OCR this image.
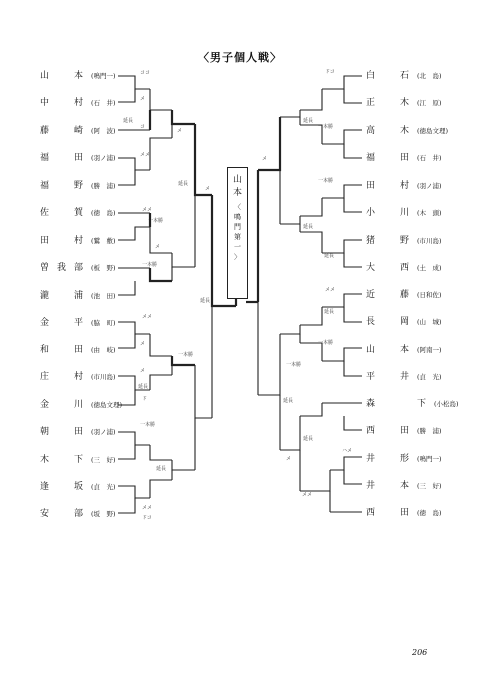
〈男子個人戦〉
ココ
メ
延長
コ
メメ
メ
延長
メ
メメ
一本勝
メ
一本勝
延長
メメ
メ
一本勝
メ
延長
ド
一本勝
延長
メメ
ドコ
ドコ
一本勝
延長
メ
一本勝
延長
延長
メメ
延長
一本勝
一本勝
延長
延長
ハメ
メメ
メ
山　本(鳴門一)
中　村(石　井)
藤　崎(阿　波)
福　田(羽ノ浦)
福　野(勝　浦)
佐　賀(徳　島)
田　村(鷲　敷)
曽我部(板　野)
瀧　浦(池　田)
金　平(脇　町)
和　田(由　岐)
庄　村(市川島)
金　川(徳島文理)
朝　田(羽ノ浦)
木　下(三　好)
逢　坂(貞　光)
安　部(坂　野)
白　石(北　島)
正　木(江　原)
高　木(徳島文理)
福　田(石　井)
田　村(羽ノ浦)
小　川(木　頭)
猪　野(市川島)
大　西(土　成)
近　藤(日和佐)
長　岡(山　城)
山　本(阿南一)
平　井(貞　光)
森　　下(小松島)
西　田(勝　浦)
井　形(鳴門一)
井　本(三　好)
西　田(徳　島)
山
本
〈
鳴
門
第
一
〉
206
